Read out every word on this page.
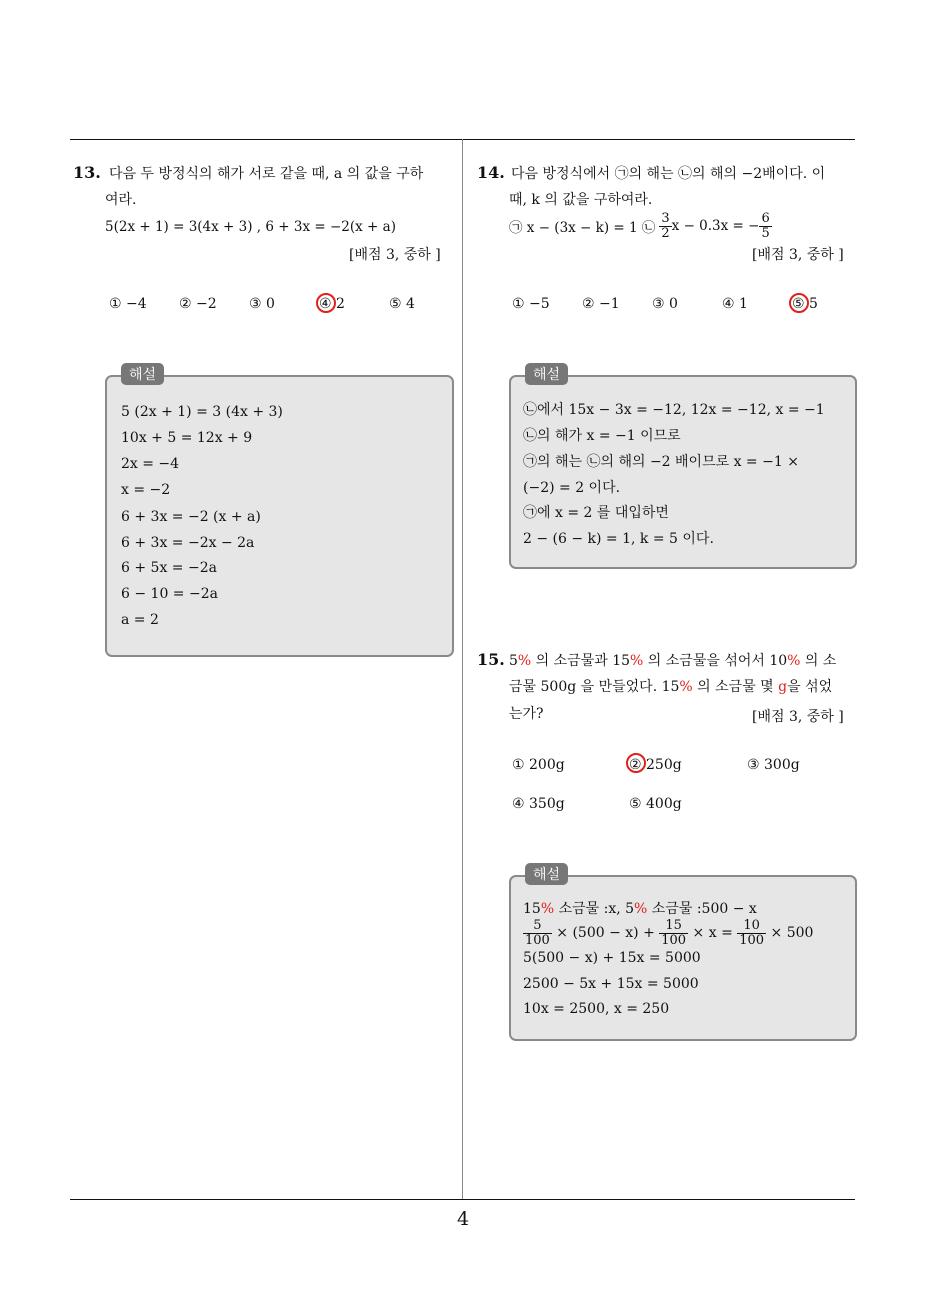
13. 다음 두 방정식의 해가 서로 같을 때, a 의 값을 구하
여라.
5(2x + 1) = 3(4x + 3) , 6 + 3x = −2(x + a)
[배점 3, 중하 ]
① −4 ② −2 ③ 0	④ 2	⑤ 4
해설
5 (2x + 1) = 3 (4x + 3)
10x + 5 = 12x + 9
2x = −4
x = −2
6 + 3x = −2 (x + a)
6 + 3x = −2x − 2a
6 + 5x = −2a
6 − 10 = −2a
a = 2
14. 다음 방정식에서 ㉠의 해는 ㉡의 해의 −2배이다. 이
때, k 의 값을 구하여라.
㉠ x − (3x − k) = 1 ㉡ $\frac{3}{2}$ x − 0.3x = − $\frac{6}{5}$
[배점 3, 중하 ]
① −5 ② −1 ③ 0	④ 1	⑤ 5
해설
㉡에서 15x − 3x = −12, 12x = −12, x = −1
㉡의 해가 x = −1 이므로
㉠의 해는 ㉡의 해의 −2 배이므로 x = −1 ×
(−2) = 2 이다.
㉠에 x = 2 를 대입하면
2 − (6 − k) = 1, k = 5 이다.
15. 5% 의 소금물과 15% 의 소금물을 섞어서 10% 의 소
금물 500g 을 만들었다. 15% 의 소금물 몇 g을 섞었
는가?	[배점 3, 중하 ]
① 200g	② 250g	③ 300g
④ 350g	⑤ 400g
해설
15% 소금물 :x, 5% 소금물 :500 − x
$\frac{5}{100} \times (500 - x) + \frac{15}{100} \times x = \frac{10}{100} \times 500$
5(500 − x) + 15x = 5000
2500 − 5x + 15x = 5000
10x = 2500, x = 250
4
